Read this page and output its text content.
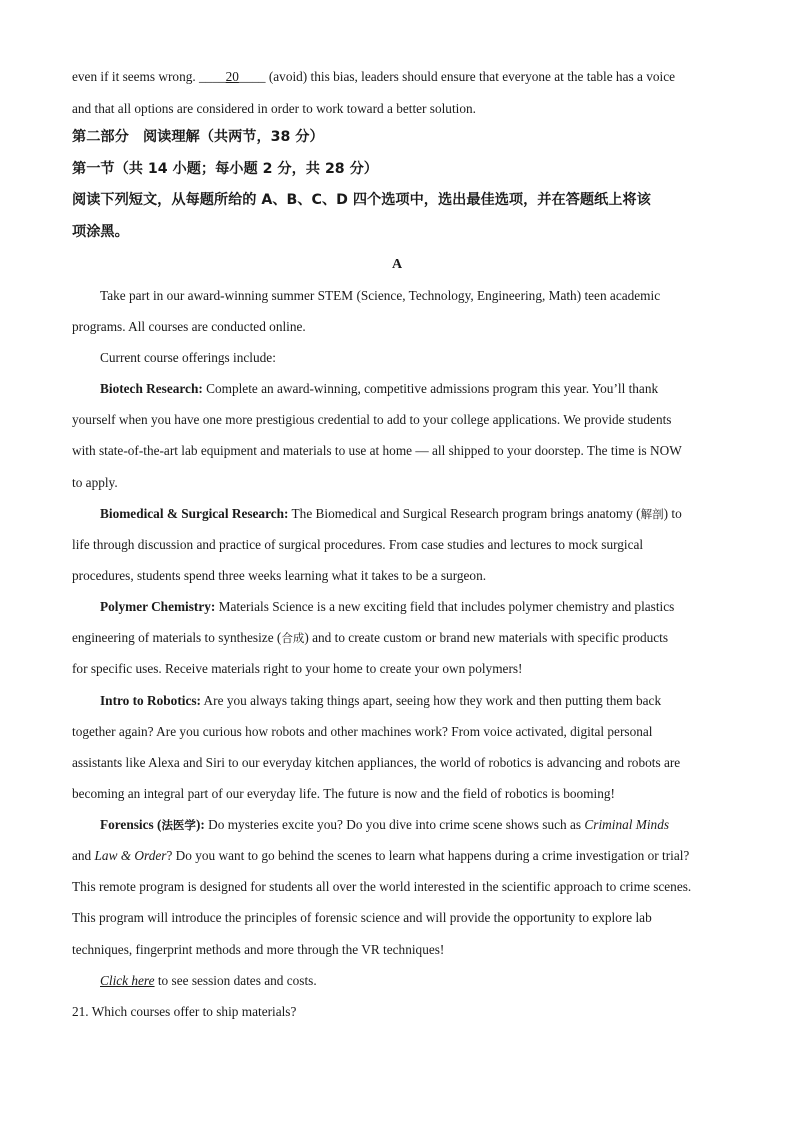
even if it seems wrong. ____20____ (avoid) this bias, leaders should ensure that everyone at the table has a voice
and that all options are considered in order to work toward a better solution.
第二部分　阅读理解（共两节，38 分）
第一节（共 14 小题；每小题 2 分，共 28 分）
阅读下列短文，从每题所给的 A、B、C、D 四个选项中，选出最佳选项，并在答题纸上将该
项涂黑。
A
Take part in our award-winning summer STEM (Science, Technology, Engineering, Math) teen academic
programs. All courses are conducted online.
Current course offerings include:
Biotech Research: Complete an award-winning, competitive admissions program this year. You’ll thank
yourself when you have one more prestigious credential to add to your college applications. We provide students
with state-of-the-art lab equipment and materials to use at home — all shipped to your doorstep. The time is NOW
to apply.
Biomedical & Surgical Research: The Biomedical and Surgical Research program brings anatomy (解剖) to
life through discussion and practice of surgical procedures. From case studies and lectures to mock surgical
procedures, students spend three weeks learning what it takes to be a surgeon.
Polymer Chemistry: Materials Science is a new exciting field that includes polymer chemistry and plastics
engineering of materials to synthesize (合成) and to create custom or brand new materials with specific products
for specific uses. Receive materials right to your home to create your own polymers!
Intro to Robotics: Are you always taking things apart, seeing how they work and then putting them back
together again? Are you curious how robots and other machines work? From voice activated, digital personal
assistants like Alexa and Siri to our everyday kitchen appliances, the world of robotics is advancing and robots are
becoming an integral part of our everyday life. The future is now and the field of robotics is booming!
Forensics (法医学): Do mysteries excite you? Do you dive into crime scene shows such as Criminal Minds
and Law & Order? Do you want to go behind the scenes to learn what happens during a crime investigation or trial?
This remote program is designed for students all over the world interested in the scientific approach to crime scenes.
This program will introduce the principles of forensic science and will provide the opportunity to explore lab
techniques, fingerprint methods and more through the VR techniques!
Click here to see session dates and costs.
21. Which courses offer to ship materials?
